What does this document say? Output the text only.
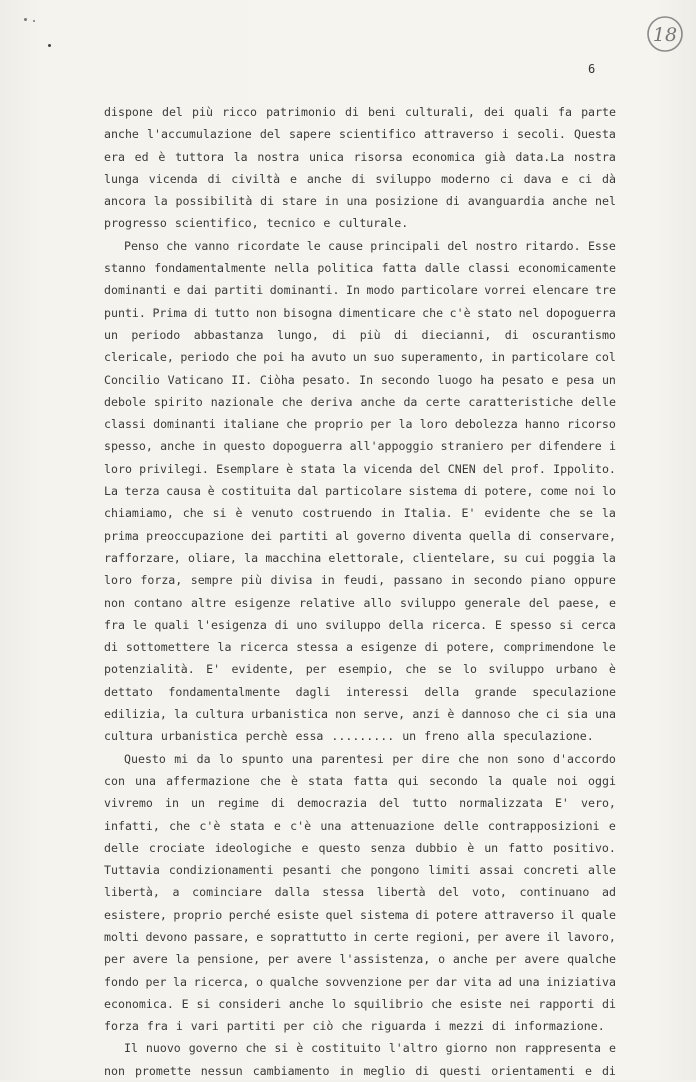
18
6
dispone del più ricco patrimonio di beni culturali, dei quali fa parte
anche l'accumulazione del sapere scientifico attraverso i secoli. Questa
era ed è tuttora la nostra unica risorsa economica già data.La nostra
lunga vicenda di civiltà e anche di sviluppo moderno ci dava e ci dà
ancora la possibilità di stare in una posizione di avanguardia anche nel
progresso scientifico, tecnico e culturale.
Penso che vanno ricordate le cause principali del nostro ritardo. Esse
stanno fondamentalmente nella politica fatta dalle classi economicamente
dominanti e dai partiti dominanti. In modo particolare vorrei elencare tre
punti. Prima di tutto non bisogna dimenticare che c'è stato nel dopoguerra
un periodo abbastanza lungo, di più di diecianni, di oscurantismo
clericale, periodo che poi ha avuto un suo superamento, in particolare col
Concilio Vaticano II. Ciòha pesato. In secondo luogo ha pesato e pesa un
debole spirito nazionale che deriva anche da certe caratteristiche delle
classi dominanti italiane che proprio per la loro debolezza hanno ricorso
spesso, anche in questo dopoguerra all'appoggio straniero per difendere i
loro privilegi. Esemplare è stata la vicenda del CNEN del prof. Ippolito.
La terza causa è costituita dal particolare sistema di potere, come noi lo
chiamiamo, che si è venuto costruendo in Italia. E' evidente che se la
prima preoccupazione dei partiti al governo diventa quella di conservare,
rafforzare, oliare, la macchina elettorale, clientelare, su cui poggia la
loro forza, sempre più divisa in feudi, passano in secondo piano oppure
non contano altre esigenze relative allo sviluppo generale del paese, e
fra le quali l'esigenza di uno sviluppo della ricerca. E spesso si cerca
di sottomettere la ricerca stessa a esigenze di potere, comprimendone le
potenzialità. E' evidente, per esempio, che se lo sviluppo urbano è
dettato fondamentalmente dagli interessi della grande speculazione
edilizia, la cultura urbanistica non serve, anzi è dannoso che ci sia una
cultura urbanistica perchè essa ......... un freno alla speculazione.
Questo mi da lo spunto una parentesi per dire che non sono d'accordo
con una affermazione che è stata fatta qui secondo la quale noi oggi
vivremo in un regime di democrazia del tutto normalizzata E' vero,
infatti, che c'è stata e c'è una attenuazione delle contrapposizioni e
delle crociate ideologiche e questo senza dubbio è un fatto positivo.
Tuttavia condizionamenti pesanti che pongono limiti assai concreti alle
libertà, a cominciare dalla stessa libertà del voto, continuano ad
esistere, proprio perché esiste quel sistema di potere attraverso il quale
molti devono passare, e soprattutto in certe regioni, per avere il lavoro,
per avere la pensione, per avere l'assistenza, o anche per avere qualche
fondo per la ricerca, o qualche sovvenzione per dar vita ad una iniziativa
economica. E si consideri anche lo squilibrio che esiste nei rapporti di
forza fra i vari partiti per ciò che riguarda i mezzi di informazione.
Il nuovo governo che si è costituito l'altro giorno non rappresenta e
non promette nessun cambiamento in meglio di questi orientamenti e di
